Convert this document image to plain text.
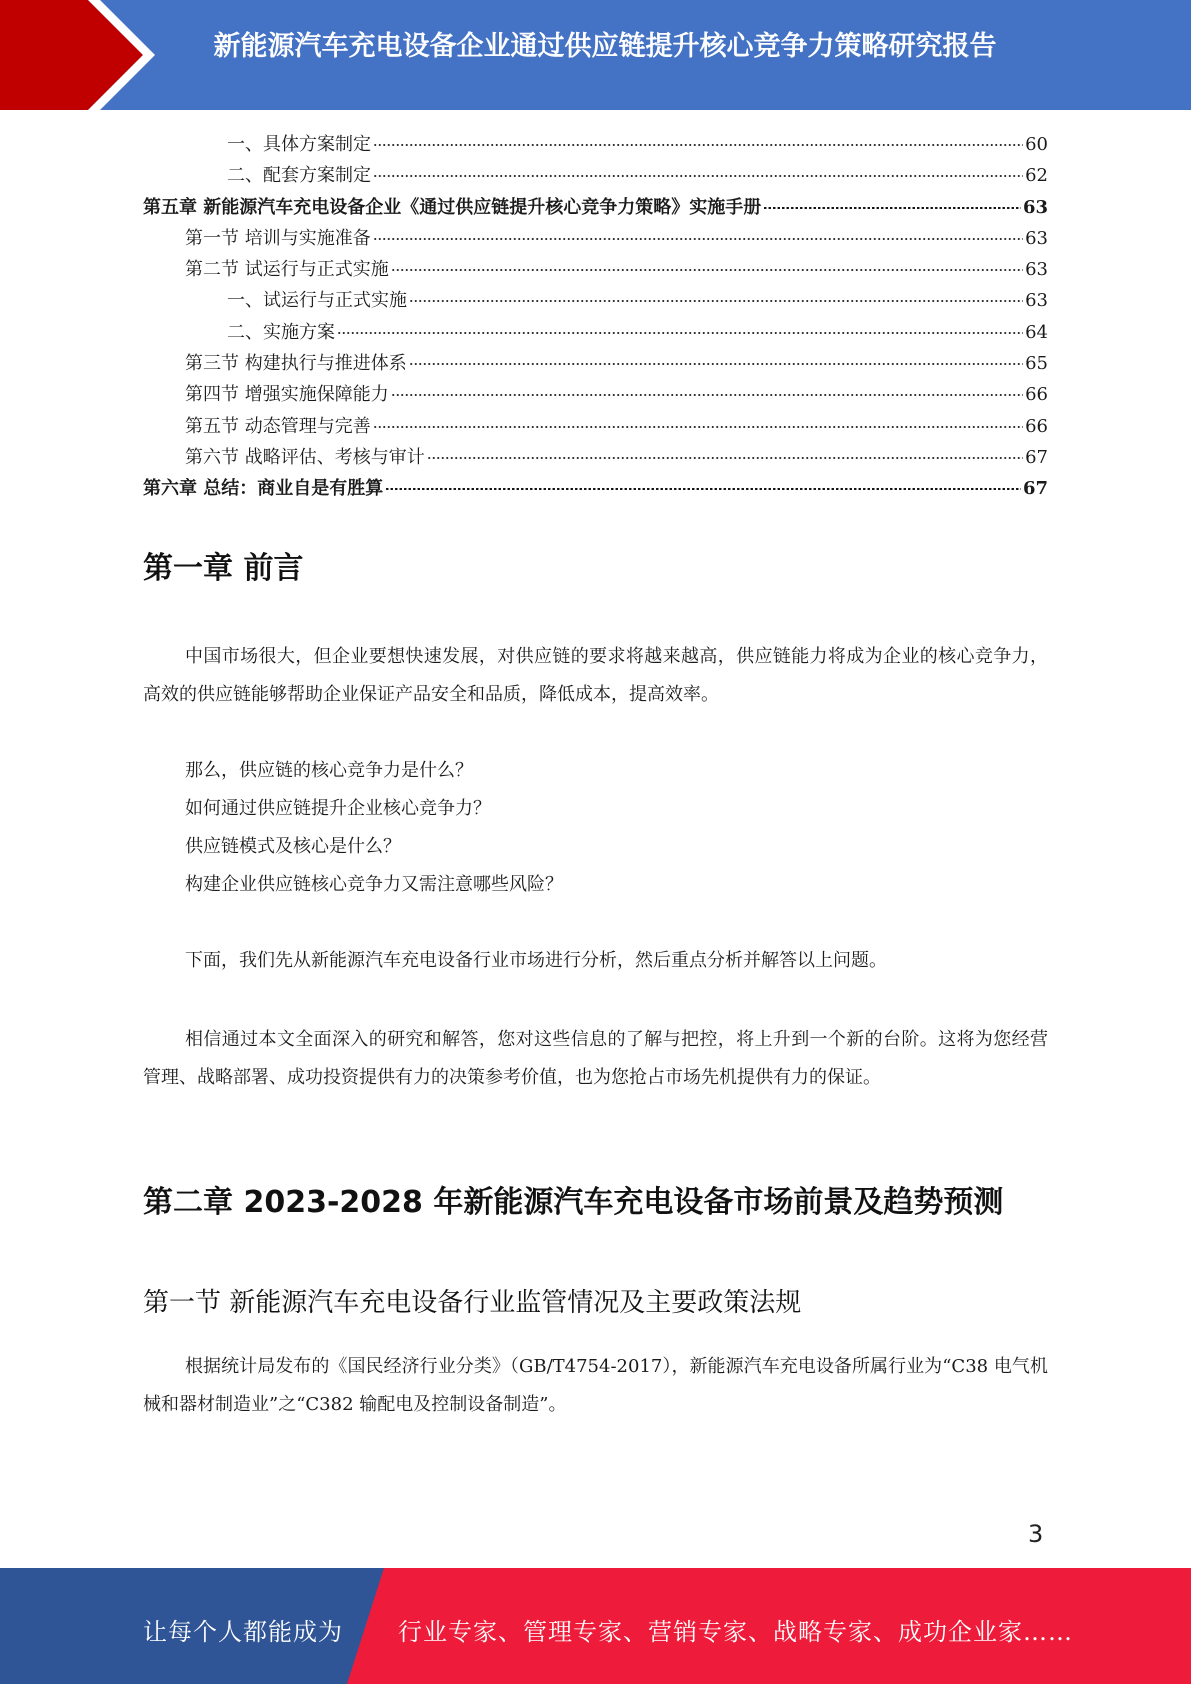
新能源汽车充电设备企业通过供应链提升核心竞争力策略研究报告
一、具体方案制定	60
二、配套方案制定	62
第五章 新能源汽车充电设备企业《通过供应链提升核心竞争力策略》实施手册	63
第一节 培训与实施准备	63
第二节 试运行与正式实施	63
一、试运行与正式实施	63
二、实施方案	64
第三节 构建执行与推进体系	65
第四节 增强实施保障能力	66
第五节 动态管理与完善	66
第六节 战略评估、考核与审计	67
第六章 总结：商业自是有胜算	67
第一章 前言

中国市场很大，但企业要想快速发展，对供应链的要求将越来越高，供应链能力将成为企业的核心竞争力，高效的供应链能够帮助企业保证产品安全和品质，降低成本，提高效率。

那么，供应链的核心竞争力是什么？
如何通过供应链提升企业核心竞争力？
供应链模式及核心是什么？
构建企业供应链核心竞争力又需注意哪些风险？

下面，我们先从新能源汽车充电设备行业市场进行分析，然后重点分析并解答以上问题。

相信通过本文全面深入的研究和解答，您对这些信息的了解与把控，将上升到一个新的台阶。这将为您经营管理、战略部署、成功投资提供有力的决策参考价值，也为您抢占市场先机提供有力的保证。

第二章 2023-2028 年新能源汽车充电设备市场前景及趋势预测
第一节 新能源汽车充电设备行业监管情况及主要政策法规

根据统计局发布的《国民经济行业分类》（GB/T4754-2017），新能源汽车充电设备所属行业为“C38 电气机械和器材制造业”之“C382 输配电及控制设备制造”。

3
让每个人都能成为 行业专家、管理专家、营销专家、战略专家、成功企业家……
